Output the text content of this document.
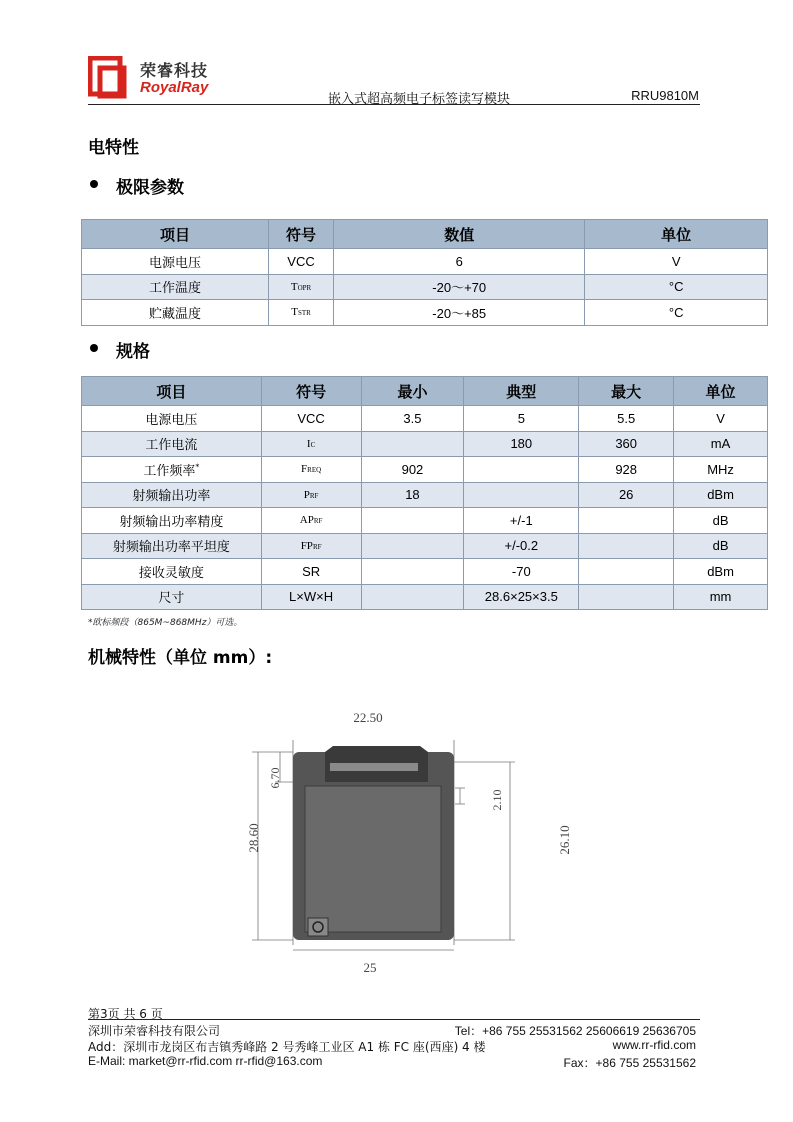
荣睿科技
RoyalRay
嵌入式超高频电子标签读写模块	RRU9810M
电特性
极限参数
项目	符号	数值	单位
电源电压	VCC	6	V
工作温度	TOPR	-20～+70	°C
贮藏温度	TSTR	-20～+85	°C
规格
项目	符号	最小	典型	最大	单位
电源电压	VCC	3.5	5	5.5	V
工作电流	IC		180	360	mA
工作频率*	FREQ	902		928	MHz
射频输出功率	PRF	18		26	dBm
射频输出功率精度	APRF		+/-1		dB
射频输出功率平坦度	FPRF		+/-0.2		dB
接收灵敏度	SR		-70		dBm
尺寸	L×W×H		28.6×25×3.5		mm
*欧标频段（865M~868MHz）可选。
机械特性（单位 mm）:
22.50
25
28.60
6.70
2.10
26.10
第3页 共 6 页
深圳市荣睿科技有限公司	Tel：+86 755 25531562 25606619 25636705
Add：深圳市龙岗区布吉镇秀峰路 2 号秀峰工业区 A1 栋 FC 座(西座) 4 楼	www.rr-rfid.com
E-Mail: market@rr-rfid.com rr-rfid@163.com	Fax：+86 755 25531562
